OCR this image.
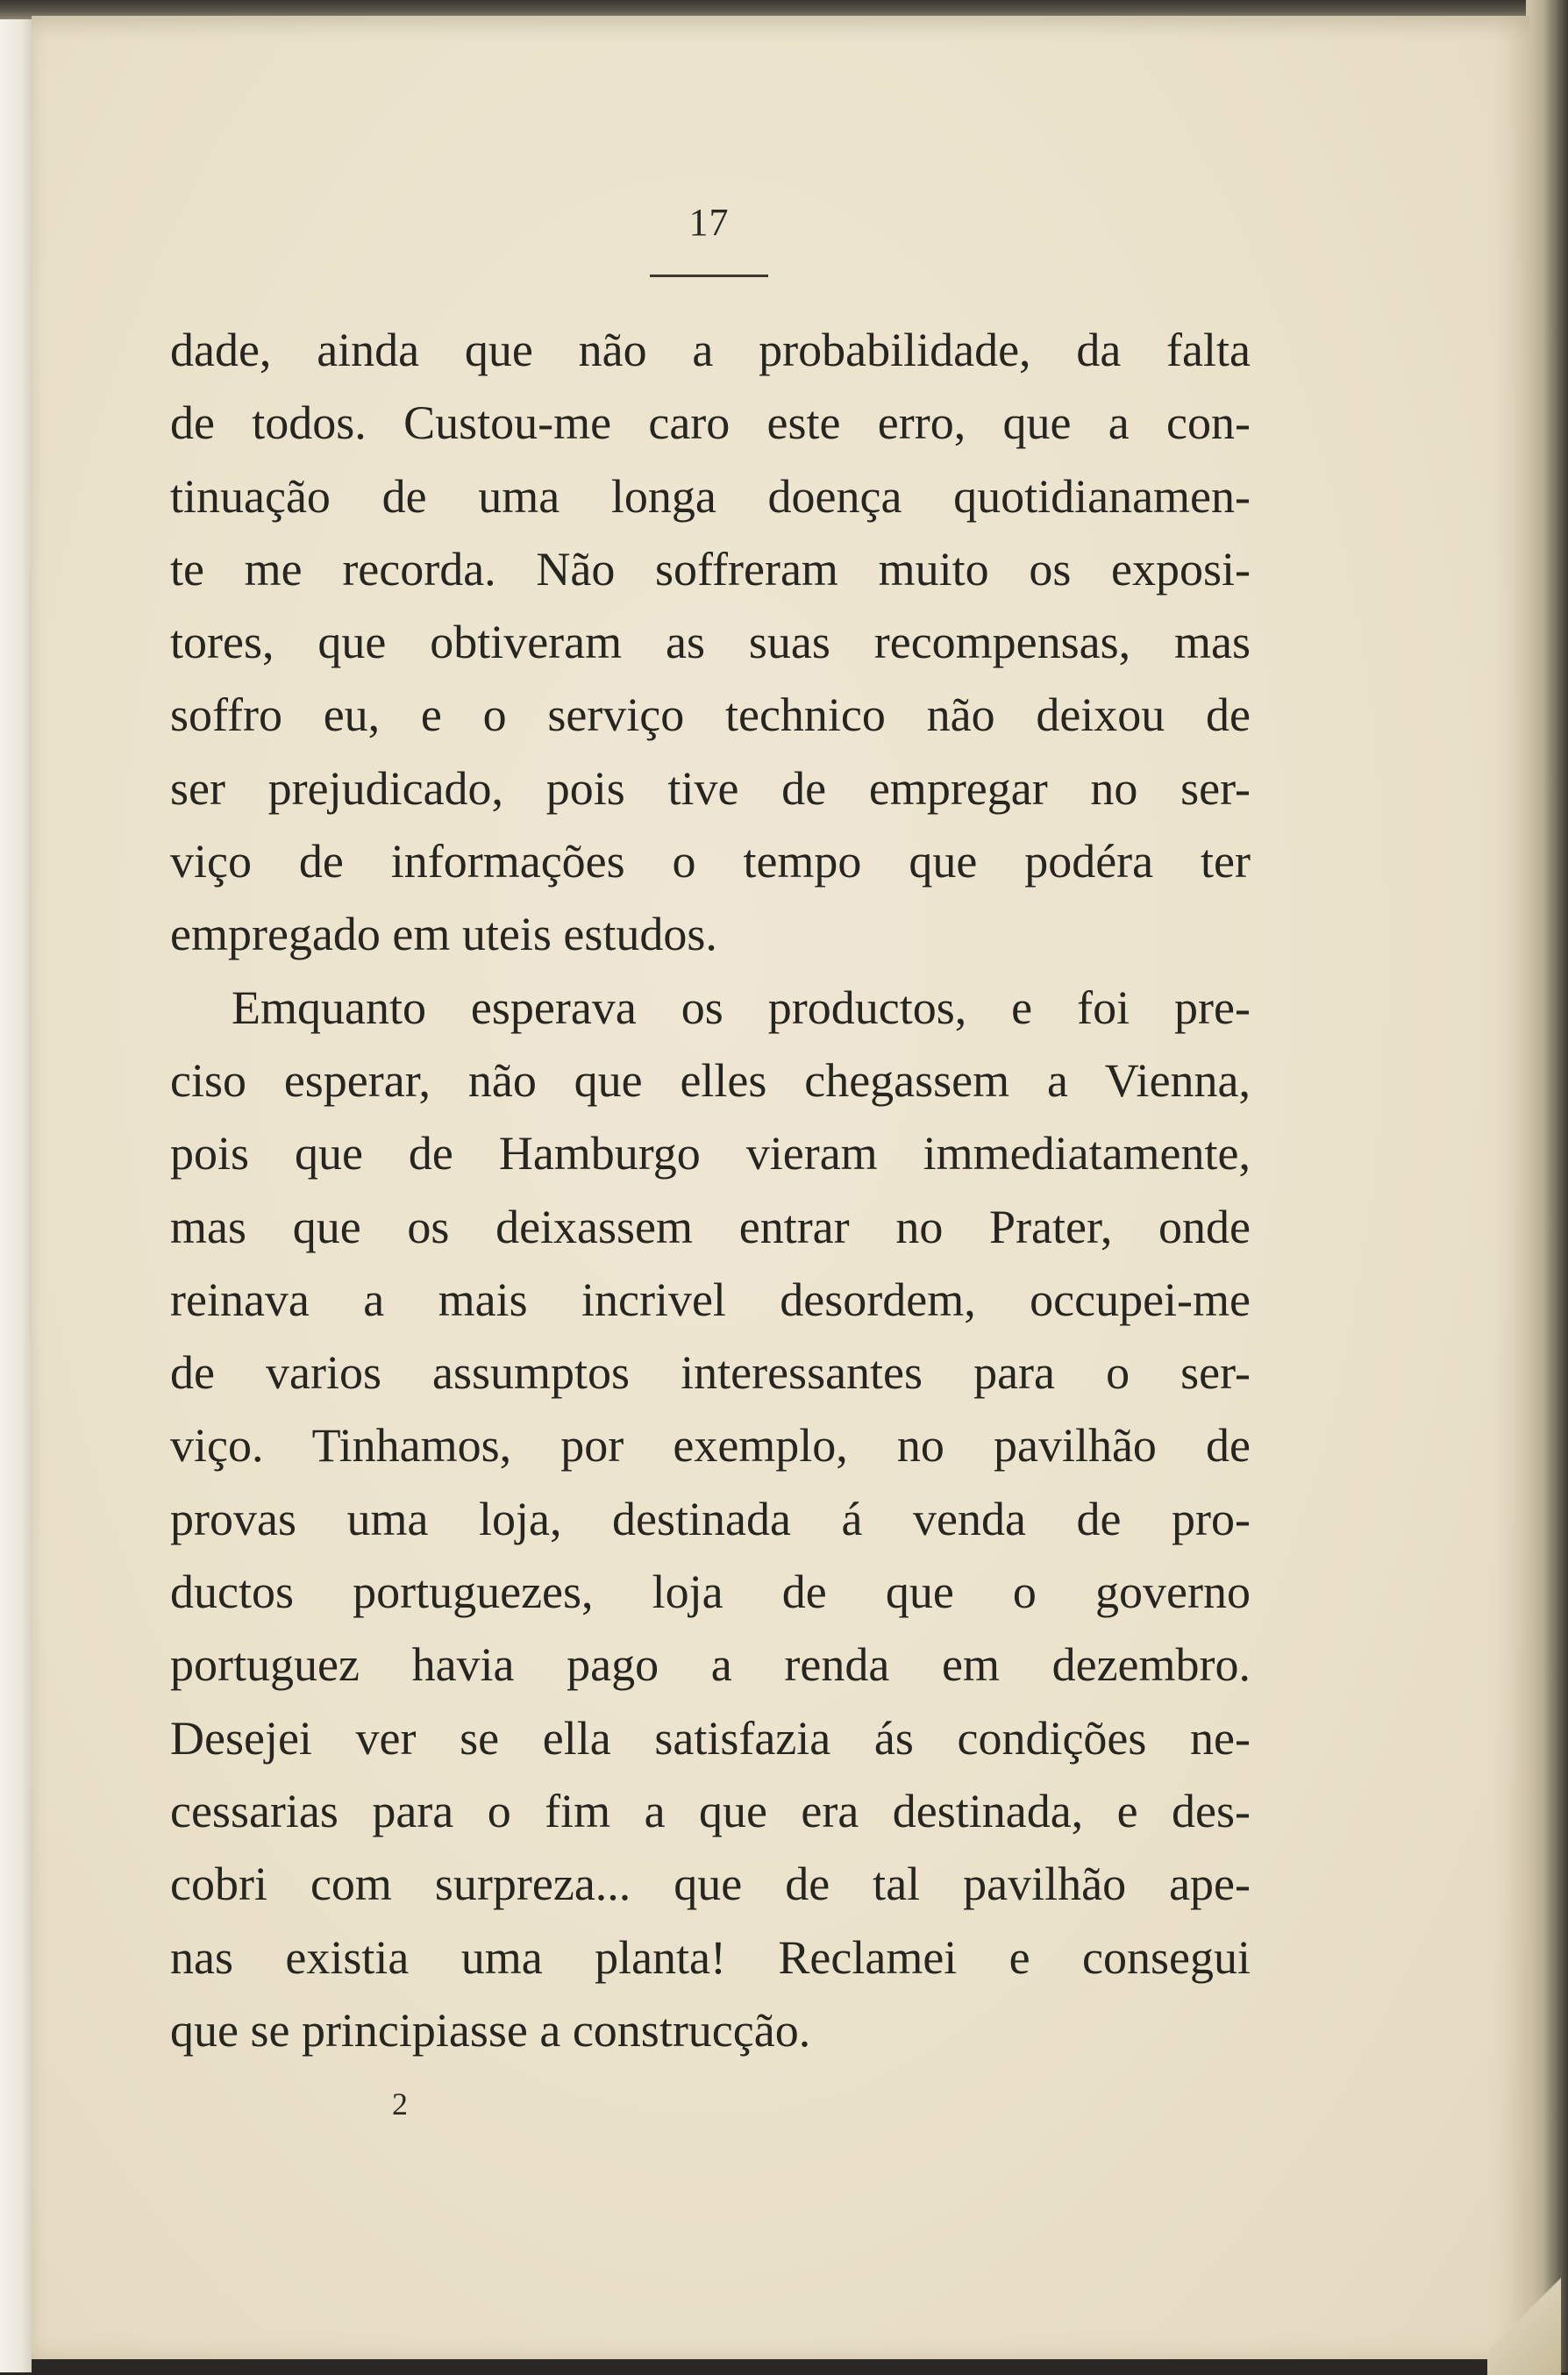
17
dade, ainda que não a probabilidade, da falta
de todos. Custou-me caro este erro, que a con-
tinuação de uma longa doença quotidianamen-
te me recorda. Não soffreram muito os exposi-
tores, que obtiveram as suas recompensas, mas
soffro eu, e o serviço technico não deixou de
ser prejudicado, pois tive de empregar no ser-
viço de informações o tempo que podéra ter
empregado em uteis estudos.
Emquanto esperava os productos, e foi pre-
ciso esperar, não que elles chegassem a Vienna,
pois que de Hamburgo vieram immediatamente,
mas que os deixassem entrar no Prater, onde
reinava a mais incrivel desordem, occupei-me
de varios assumptos interessantes para o ser-
viço. Tinhamos, por exemplo, no pavilhão de
provas uma loja, destinada á venda de pro-
ductos portuguezes, loja de que o governo
portuguez havia pago a renda em dezembro.
Desejei ver se ella satisfazia ás condições ne-
cessarias para o fim a que era destinada, e des-
cobri com surpreza... que de tal pavilhão ape-
nas existia uma planta! Reclamei e consegui
que se principiasse a construcção.
2
